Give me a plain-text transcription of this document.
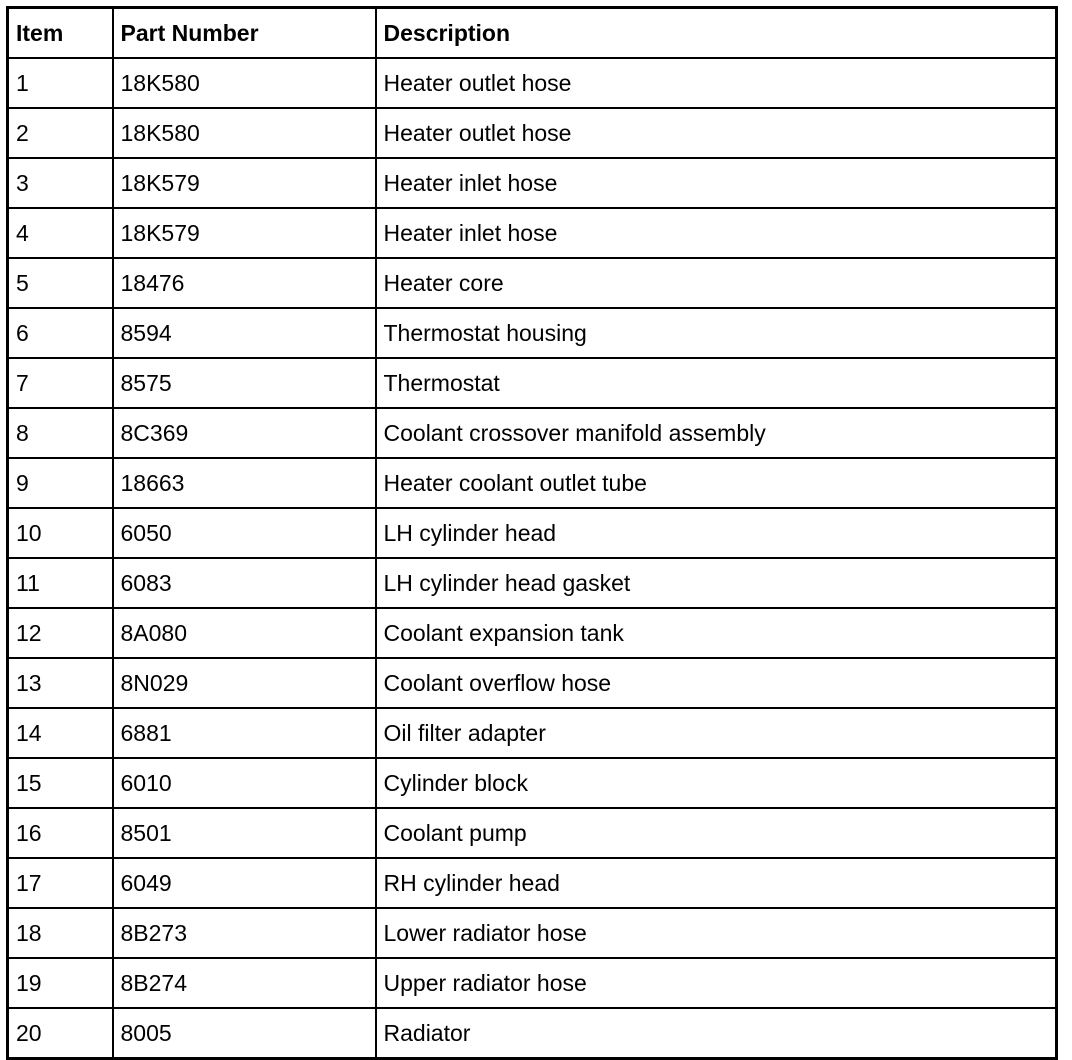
Item	Part Number	Description
1	18K580	Heater outlet hose
2	18K580	Heater outlet hose
3	18K579	Heater inlet hose
4	18K579	Heater inlet hose
5	18476	Heater core
6	8594	Thermostat housing
7	8575	Thermostat
8	8C369	Coolant crossover manifold assembly
9	18663	Heater coolant outlet tube
10	6050	LH cylinder head
11	6083	LH cylinder head gasket
12	8A080	Coolant expansion tank
13	8N029	Coolant overflow hose
14	6881	Oil filter adapter
15	6010	Cylinder block
16	8501	Coolant pump
17	6049	RH cylinder head
18	8B273	Lower radiator hose
19	8B274	Upper radiator hose
20	8005	Radiator
